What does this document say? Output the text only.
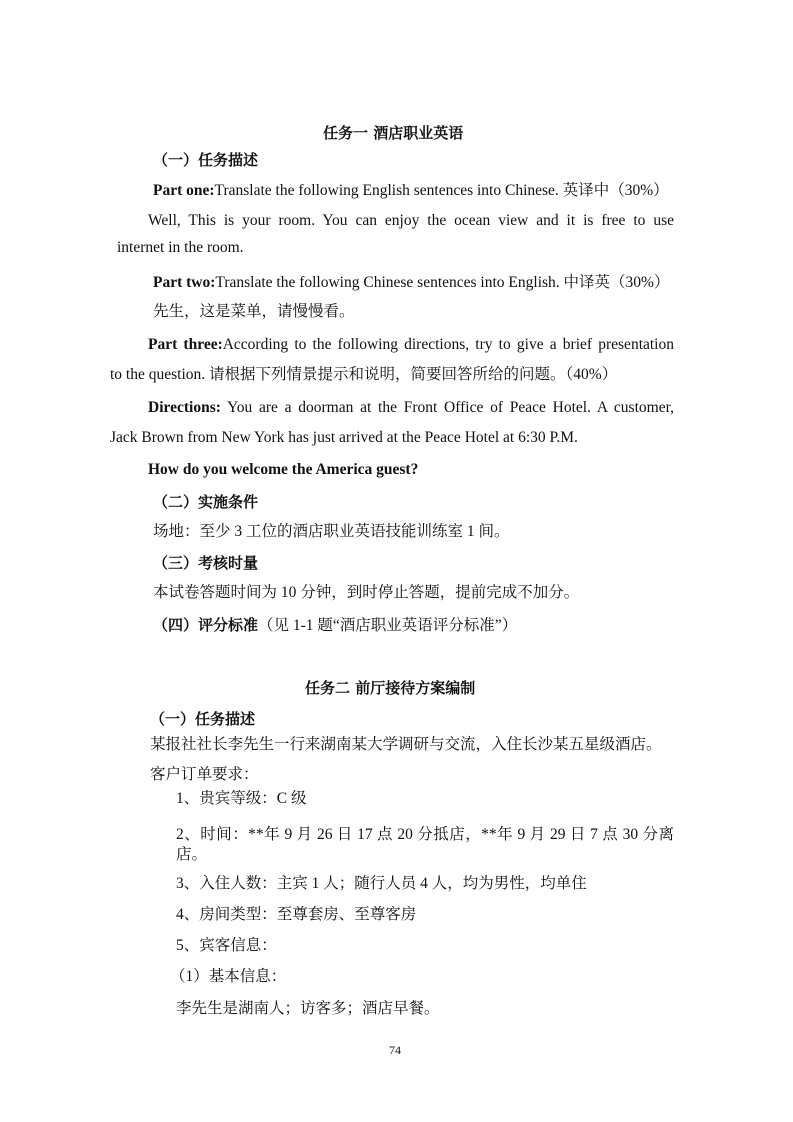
任务一 酒店职业英语
（一）任务描述
Part one:Translate the following English sentences into Chinese. 英译中（30%）
Well, This is your room. You can enjoy the ocean view and it is free to use
internet in the room.
Part two:Translate the following Chinese sentences into English. 中译英（30%）
先生，这是菜单，请慢慢看。
Part three:According to the following directions, try to give a brief presentation
to the question. 请根据下列情景提示和说明，简要回答所给的问题。（40%）
Directions: You are a doorman at the Front Office of Peace Hotel. A customer,
Jack Brown from New York has just arrived at the Peace Hotel at 6:30 P.M.
How do you welcome the America guest?
（二）实施条件
场地：至少 3 工位的酒店职业英语技能训练室 1 间。
（三）考核时量
本试卷答题时间为 10 分钟，到时停止答题，提前完成不加分。
（四）评分标准（见 1-1 题“酒店职业英语评分标准”）
任务二 前厅接待方案编制
（一）任务描述
某报社社长李先生一行来湖南某大学调研与交流，入住长沙某五星级酒店。
客户订单要求：
1、贵宾等级：C 级
2、时间：**年 9 月 26 日 17 点 20 分抵店，**年 9 月 29 日 7 点 30 分离
店。
3、入住人数：主宾 1 人；随行人员 4 人，均为男性，均单住
4、房间类型：至尊套房、至尊客房
5、宾客信息：
（1）基本信息：
李先生是湖南人；访客多；酒店早餐。
74
